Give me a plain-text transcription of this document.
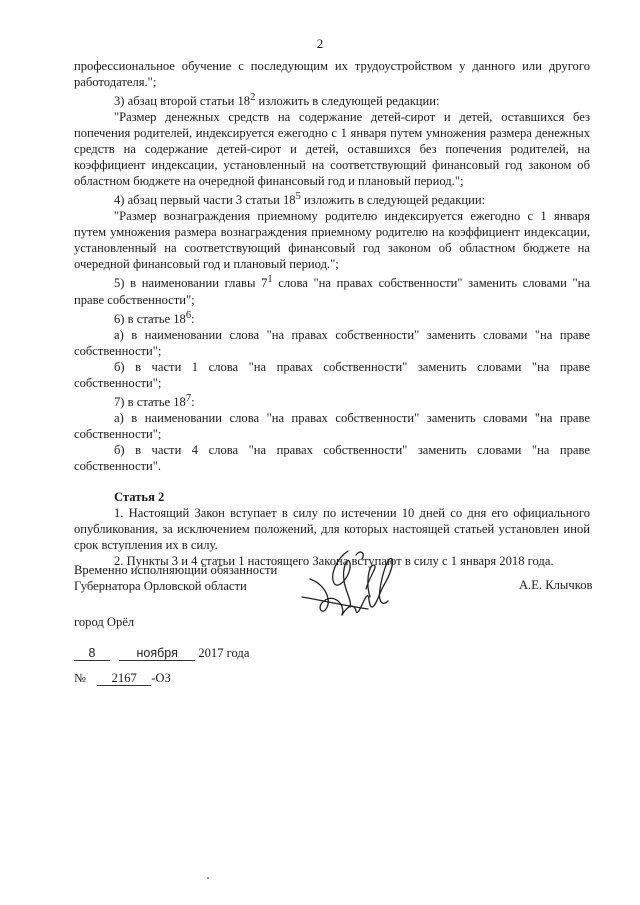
2

профессиональное обучение с последующим их трудоустройством у данного или другого работодателя.";

3) абзац второй статьи $18^2$ изложить в следующей редакции:

"Размер денежных средств на содержание детей-сирот и детей, оставшихся без попечения родителей, индексируется ежегодно с 1 января путем умножения размера денежных средств на содержание детей-сирот и детей, оставшихся без попечения родителей, на коэффициент индексации, установленный на соответствующий финансовый год законом об областном бюджете на очередной финансовый год и плановый период.";

4) абзац первый части 3 статьи $18^5$ изложить в следующей редакции:

"Размер вознаграждения приемному родителю индексируется ежегодно с 1 января путем умножения размера вознаграждения приемному родителю на коэффициент индексации, установленный на соответствующий финансовый год законом об областном бюджете на очередной финансовый год и плановый период.";

5) в наименовании главы $7^1$ слова "на правах собственности" заменить словами "на праве собственности";

6) в статье $18^6$:

а) в наименовании слова "на правах собственности" заменить словами "на праве собственности";

б) в части 1 слова "на правах собственности" заменить словами "на праве собственности";

7) в статье $18^7$:

а) в наименовании слова "на правах собственности" заменить словами "на праве собственности";

б) в части 4 слова "на правах собственности" заменить словами "на праве собственности".

Статья 2

1. Настоящий Закон вступает в силу по истечении 10 дней со дня его официального опубликования, за исключением положений, для которых настоящей статьей установлен иной срок вступления их в силу.

2. Пункты 3 и 4 статьи 1 настоящего Закона вступают в силу с 1 января 2018 года.

Временно исполняющий обязанности
Губернатора Орловской области	А.Е. Клычков
город Орёл
8	ноября 2017 года
№ 2167 -ОЗ
